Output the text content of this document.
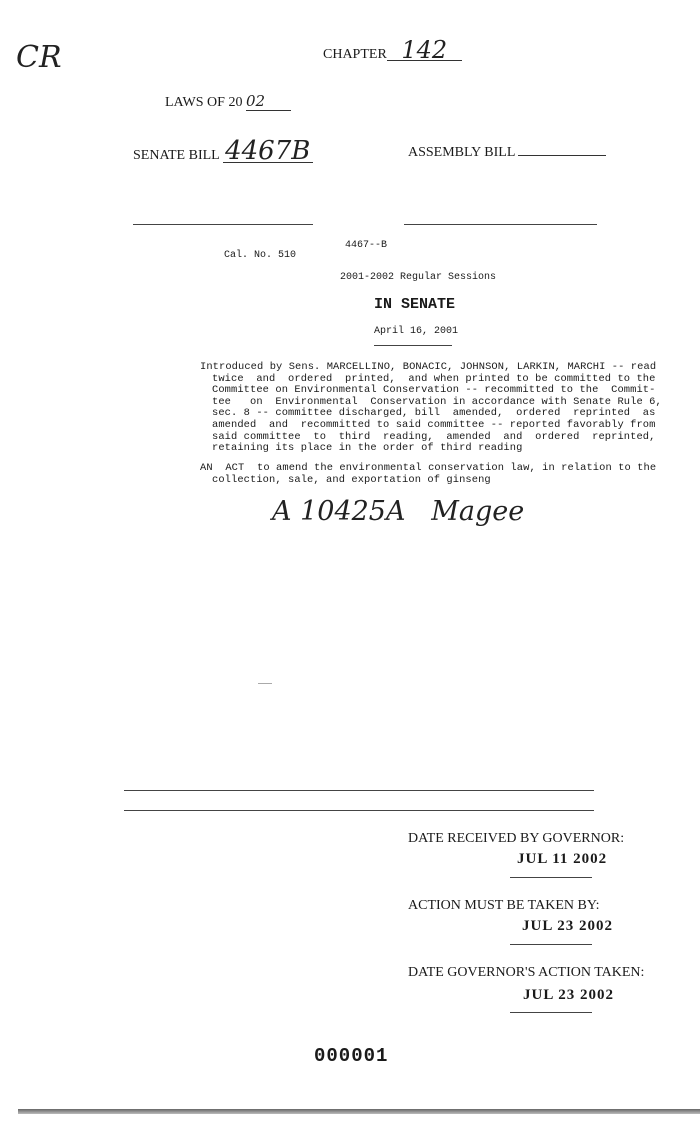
CR	CHAPTER 142
LAWS OF 20 02
SENATE BILL 4467B	ASSEMBLY BILL
4467--B
Cal. No. 510
2001-2002 Regular Sessions
IN SENATE
April 16, 2001

Introduced by Sens. MARCELLINO, BONACIC, JOHNSON, LARKIN, MARCHI -- read

twice  and  ordered  printed,  and when printed to be committed to the

Committee on Environmental Conservation -- recommitted to the  Commit-

tee   on  Environmental  Conservation in accordance with Senate Rule 6,

sec. 8 -- committee discharged, bill  amended,  ordered  reprinted  as

amended  and  recommitted to said committee -- reported favorably from

said committee  to  third  reading,  amended  and  ordered  reprinted,

retaining its place in the order of third reading

AN  ACT  to amend the environmental conservation law, in relation to the

collection, sale, and exportation of ginseng

A 10425A   Magee
DATE RECEIVED BY GOVERNOR:
JUL 11 2002
ACTION MUST BE TAKEN BY:
JUL 23 2002
DATE GOVERNOR'S ACTION TAKEN:
JUL 23 2002
000001
